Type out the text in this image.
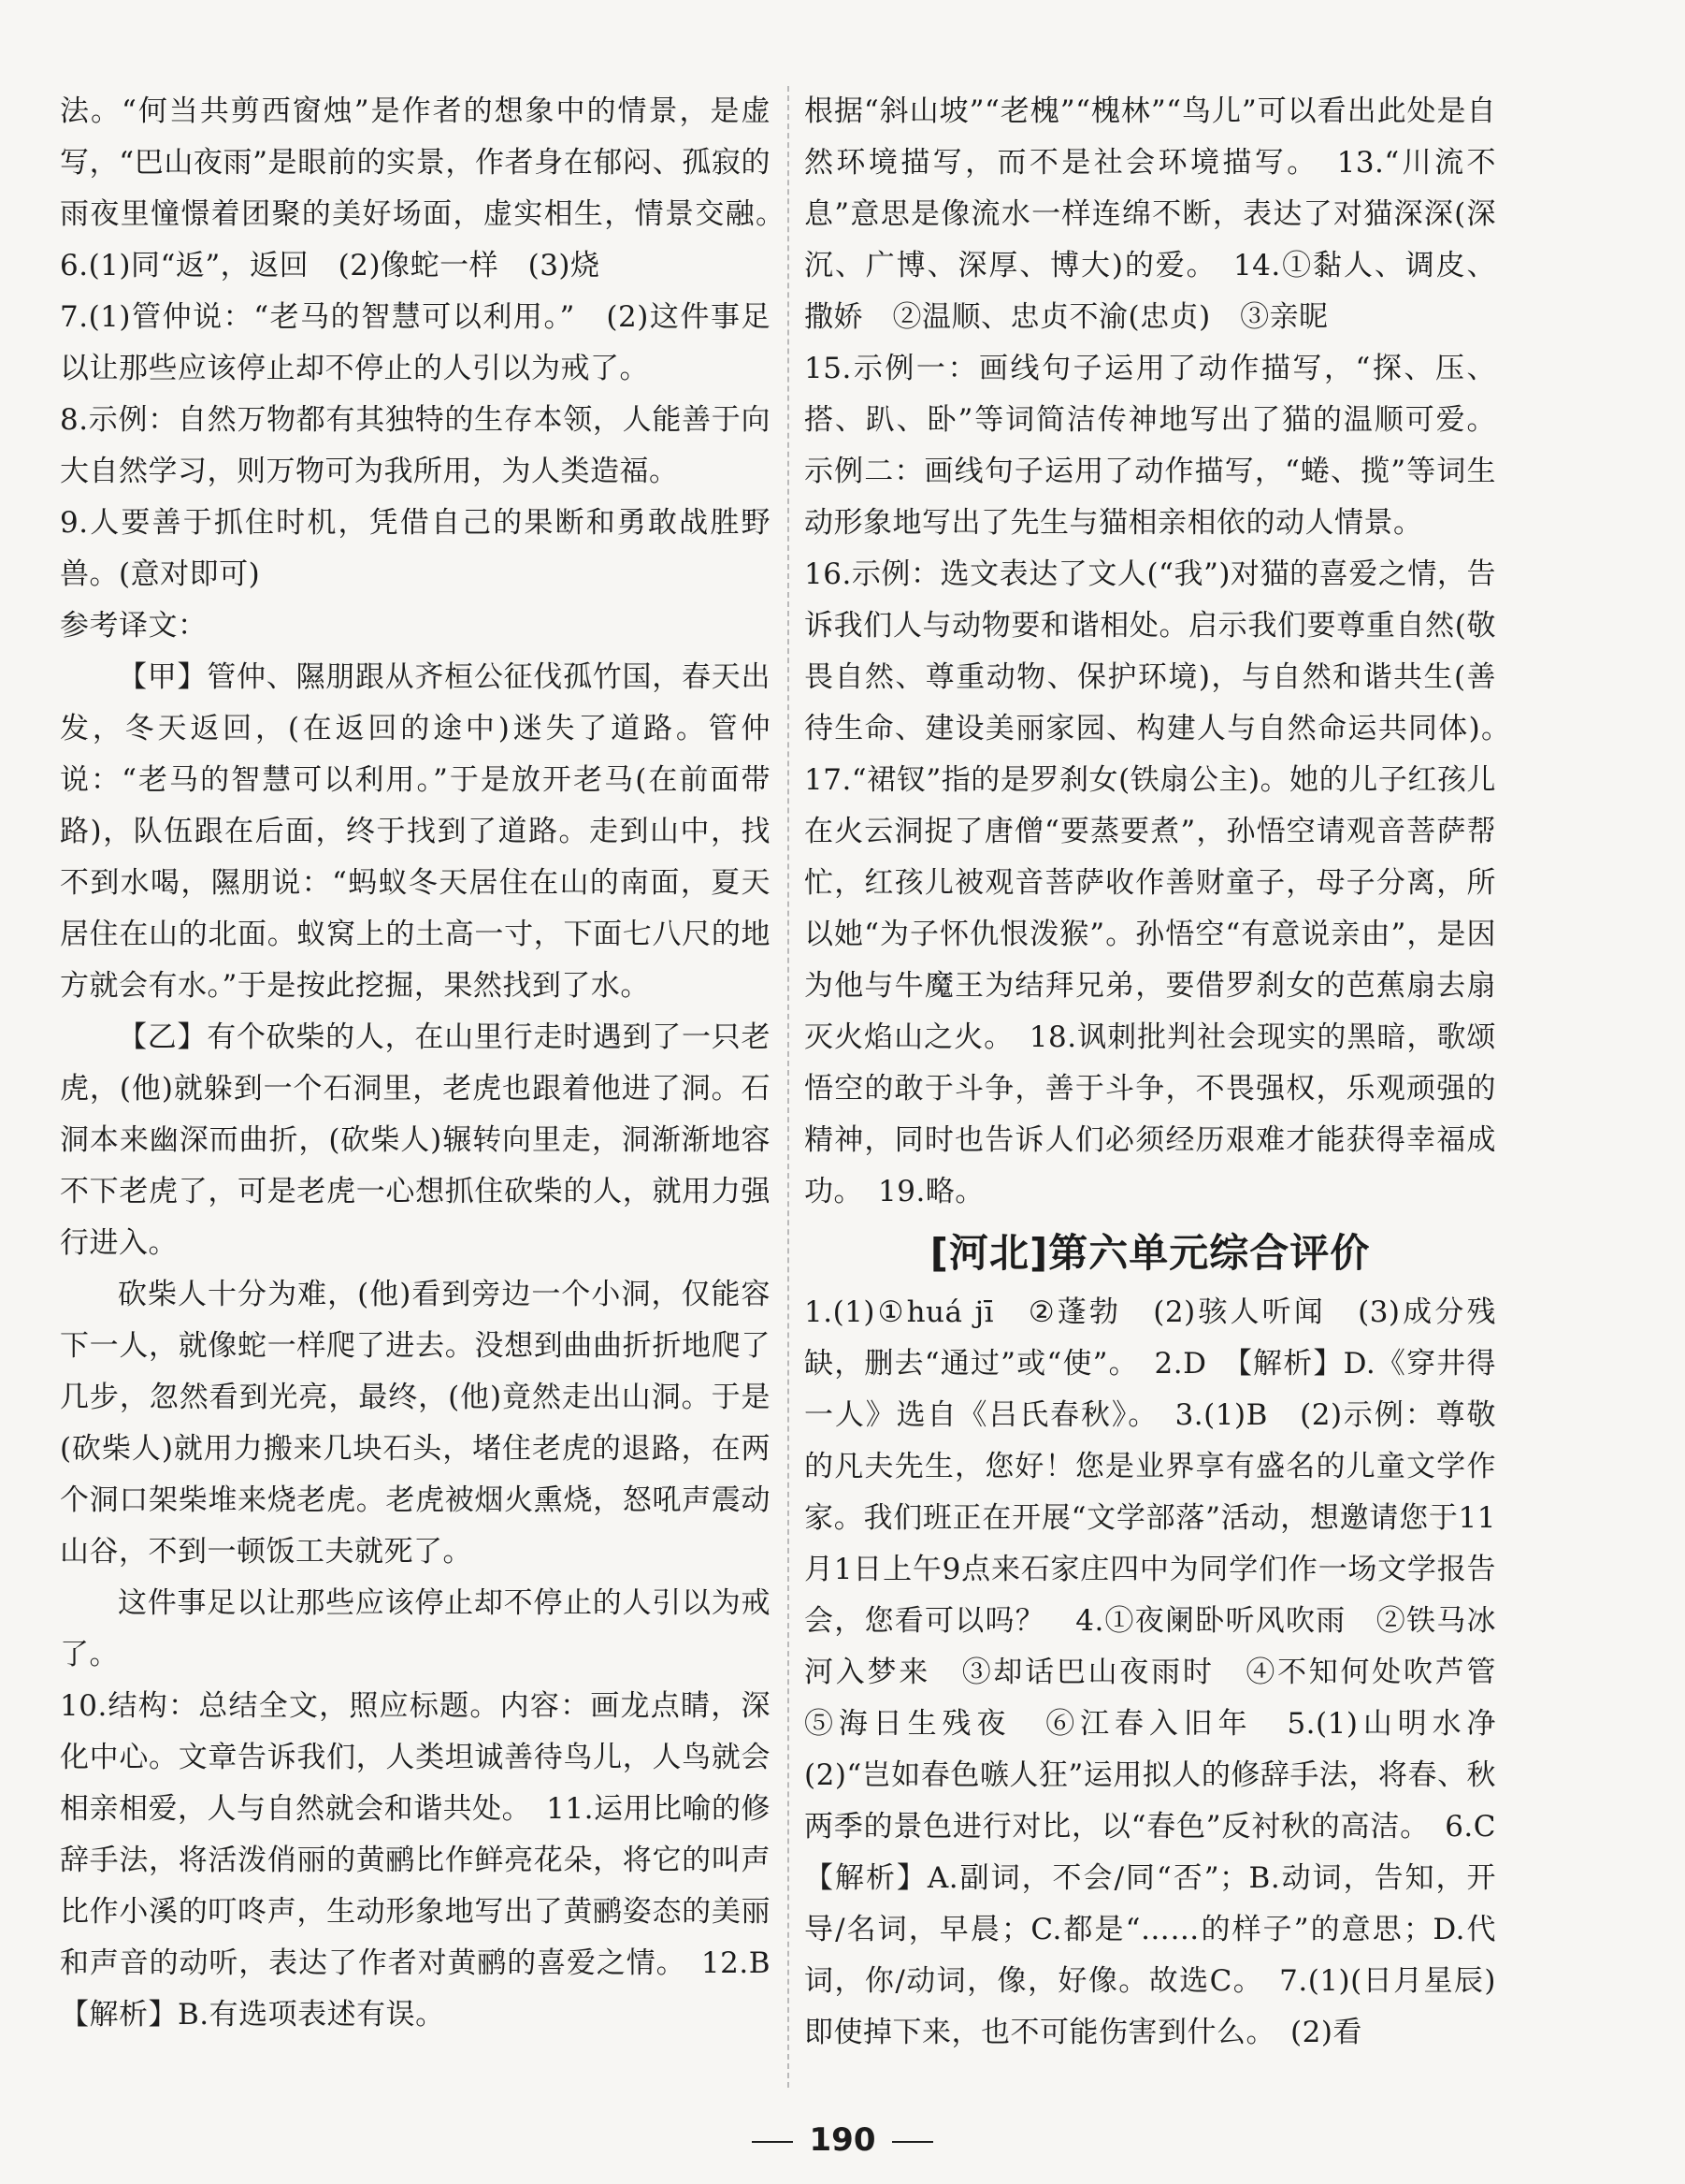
法。“何当共剪西窗烛”是作者的想象中的情景，是虚写，“巴山夜雨”是眼前的实景，作者身在郁闷、孤寂的雨夜里憧憬着团聚的美好场面，虚实相生，情景交融。　6.(1)同“返”，返回　(2)像蛇一样　(3)烧

7.(1)管仲说：“老马的智慧可以利用。”　(2)这件事足以让那些应该停止却不停止的人引以为戒了。

8.示例：自然万物都有其独特的生存本领，人能善于向大自然学习，则万物可为我所用，为人类造福。

9.人要善于抓住时机，凭借自己的果断和勇敢战胜野兽。(意对即可)

参考译文：

【甲】管仲、隰朋跟从齐桓公征伐孤竹国，春天出发，冬天返回，(在返回的途中)迷失了道路。管仲说：“老马的智慧可以利用。”于是放开老马(在前面带路)，队伍跟在后面，终于找到了道路。走到山中，找不到水喝，隰朋说：“蚂蚁冬天居住在山的南面，夏天居住在山的北面。蚁窝上的土高一寸，下面七八尺的地方就会有水。”于是按此挖掘，果然找到了水。

【乙】有个砍柴的人，在山里行走时遇到了一只老虎，(他)就躲到一个石洞里，老虎也跟着他进了洞。石洞本来幽深而曲折，(砍柴人)辗转向里走，洞渐渐地容不下老虎了，可是老虎一心想抓住砍柴的人，就用力强行进入。

砍柴人十分为难，(他)看到旁边一个小洞，仅能容下一人，就像蛇一样爬了进去。没想到曲曲折折地爬了几步，忽然看到光亮，最终，(他)竟然走出山洞。于是(砍柴人)就用力搬来几块石头，堵住老虎的退路，在两个洞口架柴堆来烧老虎。老虎被烟火熏烧，怒吼声震动山谷，不到一顿饭工夫就死了。

这件事足以让那些应该停止却不停止的人引以为戒了。

10.结构：总结全文，照应标题。内容：画龙点睛，深化中心。文章告诉我们，人类坦诚善待鸟儿，人鸟就会相亲相爱，人与自然就会和谐共处。　11.运用比喻的修辞手法，将活泼俏丽的黄鹂比作鲜亮花朵，将它的叫声比作小溪的叮咚声，生动形象地写出了黄鹂姿态的美丽和声音的动听，表达了作者对黄鹂的喜爱之情。　12.B　【解析】B.有选项表述有误。

根据“斜山坡”“老槐”“槐林”“鸟儿”可以看出此处是自然环境描写，而不是社会环境描写。　13.“川流不息”意思是像流水一样连绵不断，表达了对猫深深(深沉、广博、深厚、博大)的爱。　14.①黏人、调皮、撒娇　②温顺、忠贞不渝(忠贞)　③亲昵

15.示例一：画线句子运用了动作描写，“探、压、搭、趴、卧”等词简洁传神地写出了猫的温顺可爱。示例二：画线句子运用了动作描写，“蜷、揽”等词生动形象地写出了先生与猫相亲相依的动人情景。

16.示例：选文表达了文人(“我”)对猫的喜爱之情，告诉我们人与动物要和谐相处。启示我们要尊重自然(敬畏自然、尊重动物、保护环境)，与自然和谐共生(善待生命、建设美丽家园、构建人与自然命运共同体)。　17.“裙钗”指的是罗刹女(铁扇公主)。她的儿子红孩儿在火云洞捉了唐僧“要蒸要煮”，孙悟空请观音菩萨帮忙，红孩儿被观音菩萨收作善财童子，母子分离，所以她“为子怀仇恨泼猴”。孙悟空“有意说亲由”，是因为他与牛魔王为结拜兄弟，要借罗刹女的芭蕉扇去扇灭火焰山之火。　18.讽刺批判社会现实的黑暗，歌颂悟空的敢于斗争，善于斗争，不畏强权，乐观顽强的精神，同时也告诉人们必须经历艰难才能获得幸福成功。　19.略。

[河北]第六单元综合评价

1.(1)①huá jī　②蓬勃　(2)骇人听闻　(3)成分残缺，删去“通过”或“使”。　2.D　【解析】D.《穿井得一人》选自《吕氏春秋》。　3.(1)B　(2)示例：尊敬的凡夫先生，您好！您是业界享有盛名的儿童文学作家。我们班正在开展“文学部落”活动，想邀请您于11月1日上午9点来石家庄四中为同学们作一场文学报告会，您看可以吗？　4.①夜阑卧听风吹雨　②铁马冰河入梦来　③却话巴山夜雨时　④不知何处吹芦管　⑤海日生残夜　⑥江春入旧年　5.(1)山明水净　(2)“岂如春色嗾人狂”运用拟人的修辞手法，将春、秋两季的景色进行对比，以“春色”反衬秋的高洁。　6.C　【解析】A.副词，不会/同“否”；B.动词，告知，开导/名词，早晨；C.都是“……的样子”的意思；D.代词，你/动词，像，好像。故选C。　7.(1)(日月星辰)即使掉下来，也不可能伤害到什么。　(2)看

190
